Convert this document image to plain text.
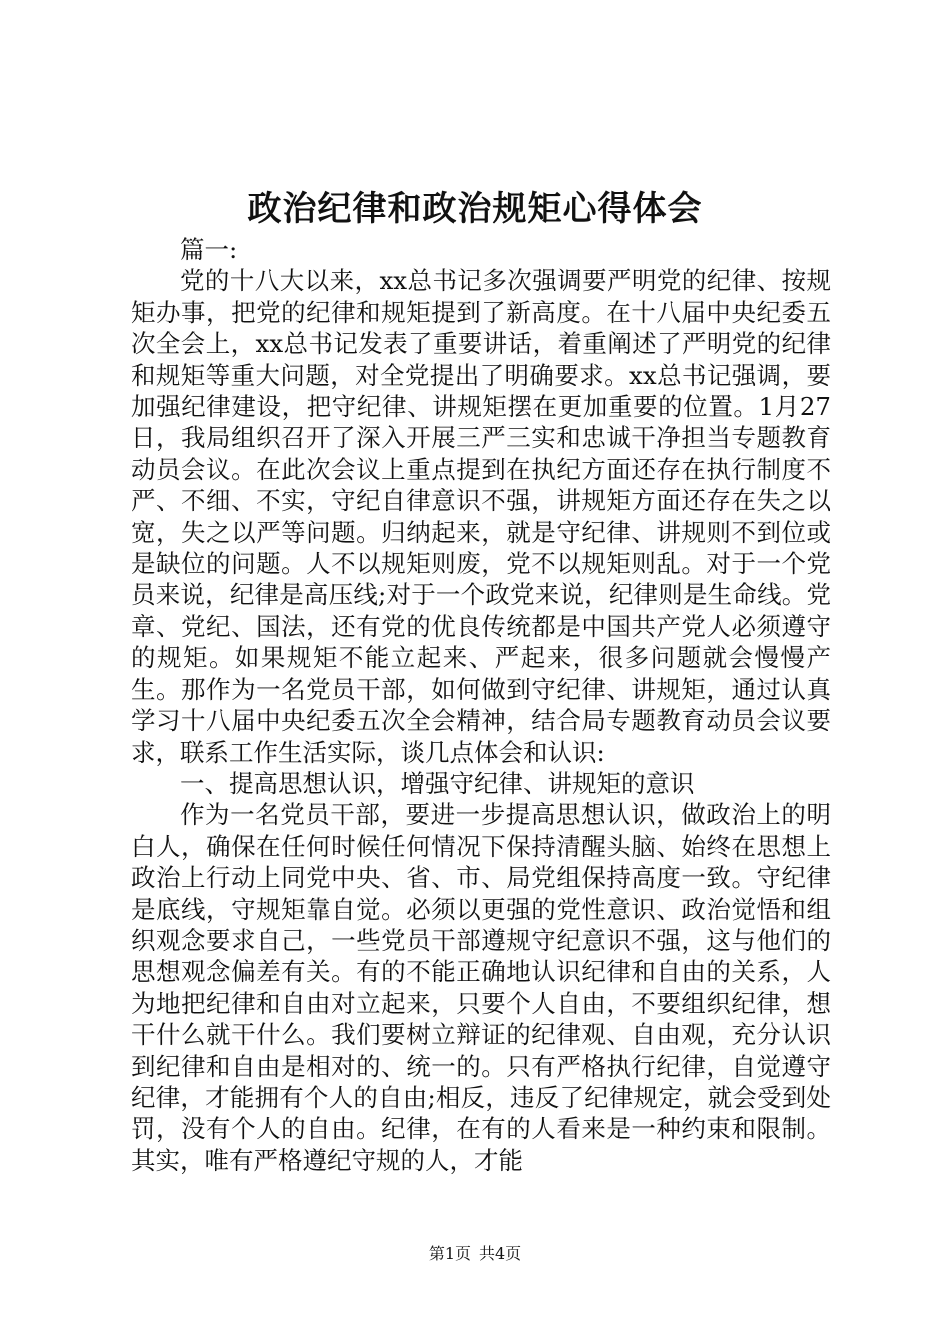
政治纪律和政治规矩心得体会

篇一:

党的十八大以来，xx总书记多次强调要严明党的纪律、按规矩办事，把党的纪律和规矩提到了新高度。在十八届中央纪委五次全会上，xx总书记发表了重要讲话，着重阐述了严明党的纪律和规矩等重大问题，对全党提出了明确要求。xx总书记强调，要加强纪律建设，把守纪律、讲规矩摆在更加重要的位置。1月27日，我局组织召开了深入开展三严三实和忠诚干净担当专题教育动员会议。在此次会议上重点提到在执纪方面还存在执行制度不严、不细、不实，守纪自律意识不强，讲规矩方面还存在失之以宽，失之以严等问题。归纳起来，就是守纪律、讲规则不到位或是缺位的问题。人不以规矩则废，党不以规矩则乱。对于一个党员来说，纪律是高压线;对于一个政党来说，纪律则是生命线。党章、党纪、国法，还有党的优良传统都是中国共产党人必须遵守的规矩。如果规矩不能立起来、严起来，很多问题就会慢慢产生。那作为一名党员干部，如何做到守纪律、讲规矩，通过认真学习十八届中央纪委五次全会精神，结合局专题教育动员会议要求，联系工作生活实际，谈几点体会和认识:

一、提高思想认识，增强守纪律、讲规矩的意识

作为一名党员干部，要进一步提高思想认识，做政治上的明白人，确保在任何时候任何情况下保持清醒头脑、始终在思想上政治上行动上同党中央、省、市、局党组保持高度一致。守纪律是底线，守规矩靠自觉。必须以更强的党性意识、政治觉悟和组织观念要求自己，一些党员干部遵规守纪意识不强，这与他们的思想观念偏差有关。有的不能正确地认识纪律和自由的关系，人为地把纪律和自由对立起来，只要个人自由，不要组织纪律，想干什么就干什么。我们要树立辩证的纪律观、自由观，充分认识到纪律和自由是相对的、统一的。只有严格执行纪律，自觉遵守纪律，才能拥有个人的自由;相反，违反了纪律规定，就会受到处罚，没有个人的自由。纪律，在有的人看来是一种约束和限制。其实，唯有严格遵纪守规的人，才能

第1页 共4页
